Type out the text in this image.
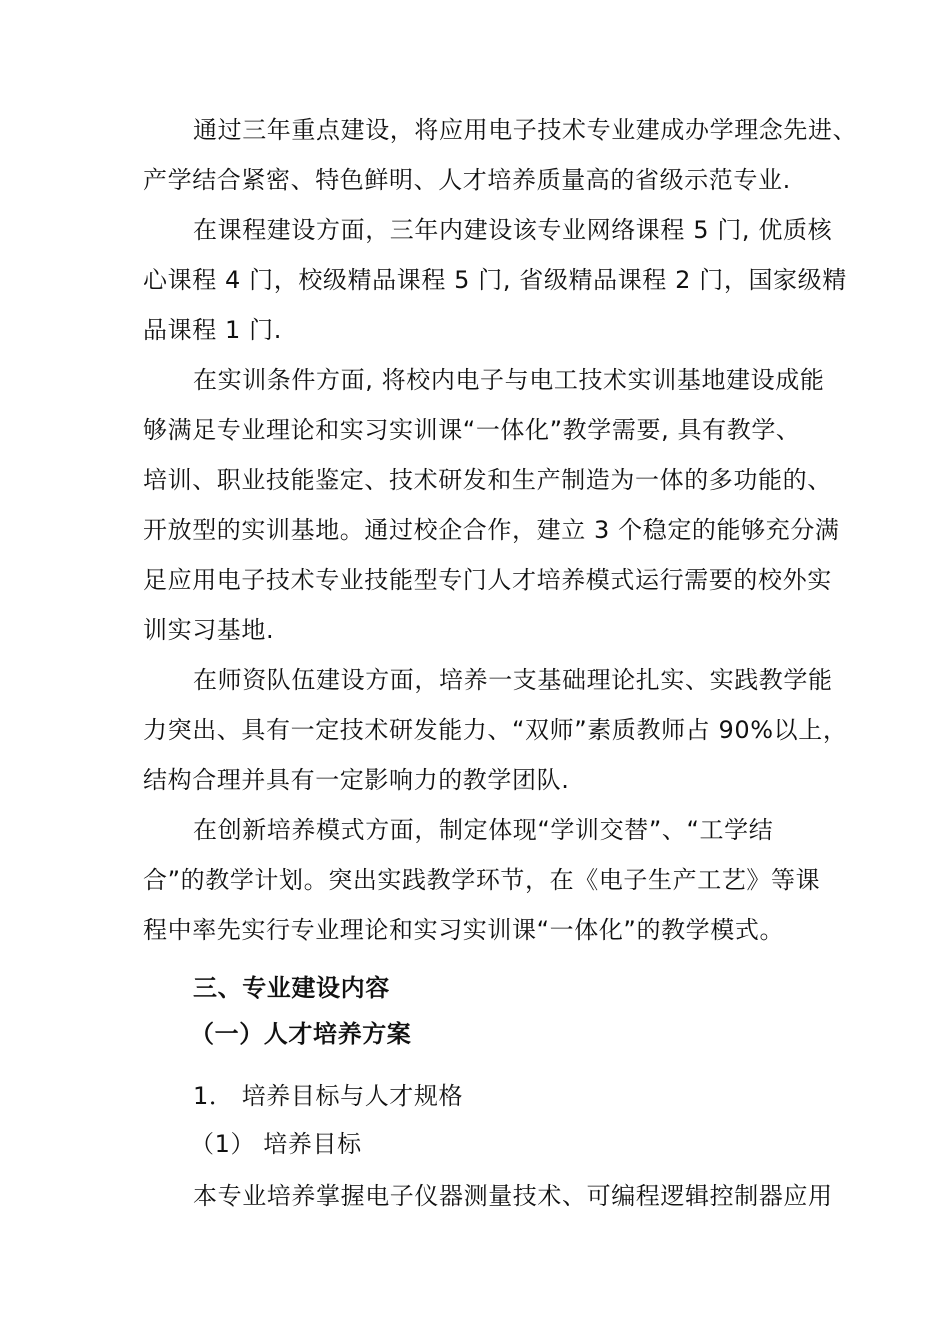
通过三年重点建设，将应用电子技术专业建成办学理念先进、
产学结合紧密、特色鲜明、人才培养质量高的省级示范专业.
在课程建设方面，三年内建设该专业网络课程 5 门, 优质核
心课程 4 门，校级精品课程 5 门, 省级精品课程 2 门，国家级精
品课程 1 门.
在实训条件方面, 将校内电子与电工技术实训基地建设成能
够满足专业理论和实习实训课“一体化”教学需要, 具有教学、
培训、职业技能鉴定、技术研发和生产制造为一体的多功能的、
开放型的实训基地。通过校企合作，建立 3 个稳定的能够充分满
足应用电子技术专业技能型专门人才培养模式运行需要的校外实
训实习基地.
在师资队伍建设方面，培养一支基础理论扎实、实践教学能
力突出、具有一定技术研发能力、“双师”素质教师占 90%以上，
结构合理并具有一定影响力的教学团队.
在创新培养模式方面，制定体现“学训交替”、“工学结
合”的教学计划。突出实践教学环节，在《电子生产工艺》等课
程中率先实行专业理论和实习实训课“一体化”的教学模式。
三、专业建设内容
（一）人才培养方案
1． 培养目标与人才规格
（1） 培养目标
本专业培养掌握电子仪器测量技术、可编程逻辑控制器应用
